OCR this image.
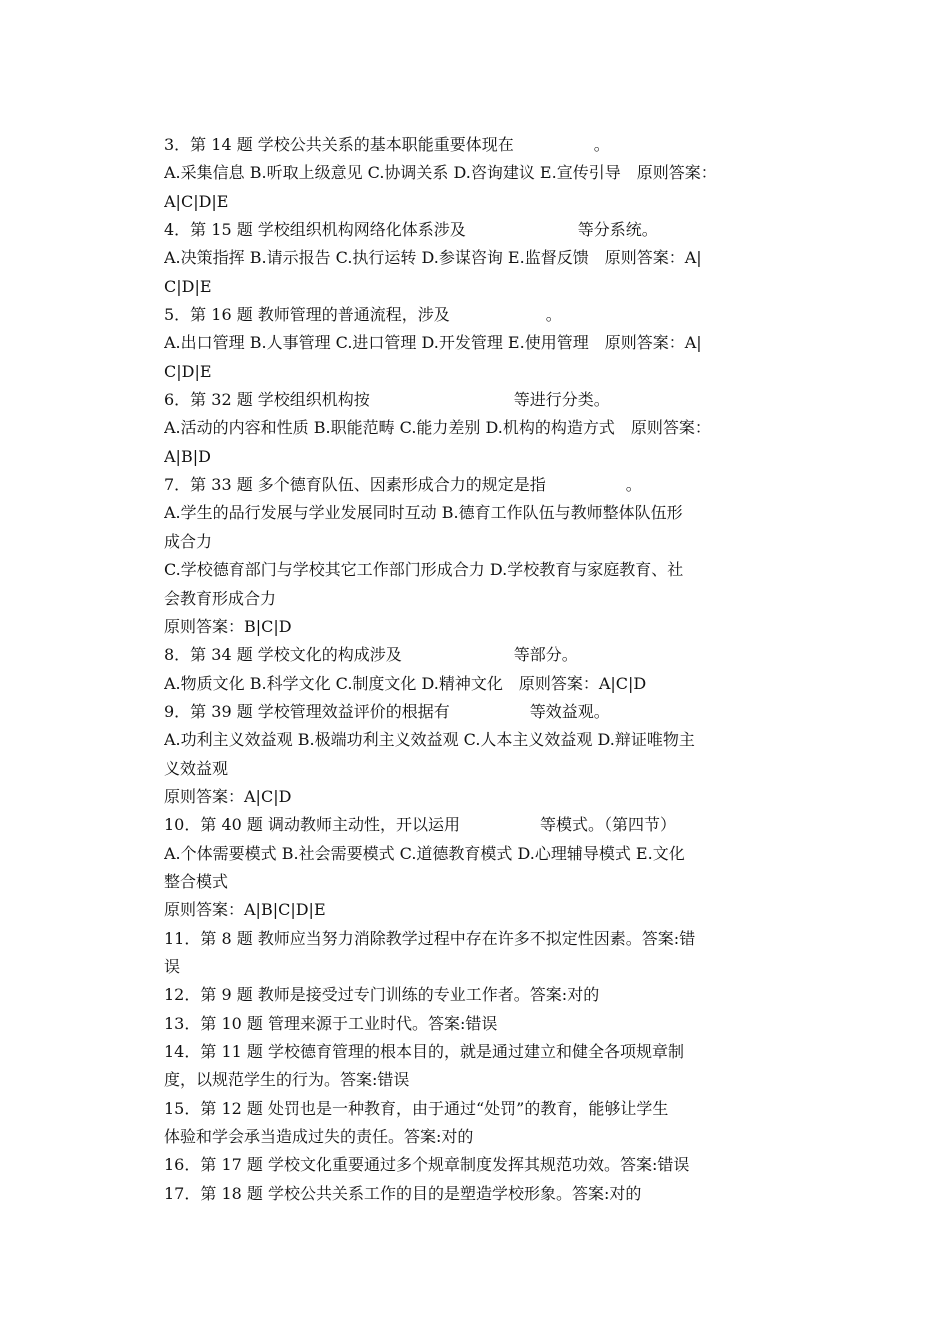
3．第 14 题 学校公共关系的基本职能重要体现在　　　　　。
A.采集信息 B.听取上级意见 C.协调关系 D.咨询建议 E.宣传引导　原则答案：
A|C|D|E
4．第 15 题 学校组织机构网络化体系涉及　　　　　　　等分系统。
A.决策指挥 B.请示报告 C.执行运转 D.参谋咨询 E.监督反馈　原则答案：A|
C|D|E
5．第 16 题 教师管理的普通流程，涉及　　　　　　。
A.出口管理 B.人事管理 C.进口管理 D.开发管理 E.使用管理　原则答案：A|
C|D|E
6．第 32 题 学校组织机构按　　　　　　　　　等进行分类。
A.活动的内容和性质 B.职能范畴 C.能力差别 D.机构的构造方式　原则答案：
A|B|D
7．第 33 题 多个德育队伍、因素形成合力的规定是指　　　　　。
A.学生的品行发展与学业发展同时互动 B.德育工作队伍与教师整体队伍形
成合力
C.学校德育部门与学校其它工作部门形成合力 D.学校教育与家庭教育、社
会教育形成合力
原则答案：B|C|D
8．第 34 题 学校文化的构成涉及　　　　　　　等部分。
A.物质文化 B.科学文化 C.制度文化 D.精神文化　原则答案：A|C|D
9．第 39 题 学校管理效益评价的根据有　　　　　等效益观。
A.功利主义效益观 B.极端功利主义效益观 C.人本主义效益观 D.辩证唯物主
义效益观
原则答案：A|C|D
10．第 40 题 调动教师主动性，开以运用　　　　　等模式。（第四节）
A.个体需要模式 B.社会需要模式 C.道德教育模式 D.心理辅导模式 E.文化
整合模式
原则答案：A|B|C|D|E
11．第 8 题 教师应当努力消除教学过程中存在许多不拟定性因素。答案:错
误
12．第 9 题 教师是接受过专门训练的专业工作者。答案:对的
13．第 10 题 管理来源于工业时代。答案:错误
14．第 11 题 学校德育管理的根本目的，就是通过建立和健全各项规章制
度，以规范学生的行为。答案:错误
15．第 12 题 处罚也是一种教育，由于通过“处罚”的教育，能够让学生
体验和学会承当造成过失的责任。答案:对的
16．第 17 题 学校文化重要通过多个规章制度发挥其规范功效。答案:错误
17．第 18 题 学校公共关系工作的目的是塑造学校形象。答案:对的
